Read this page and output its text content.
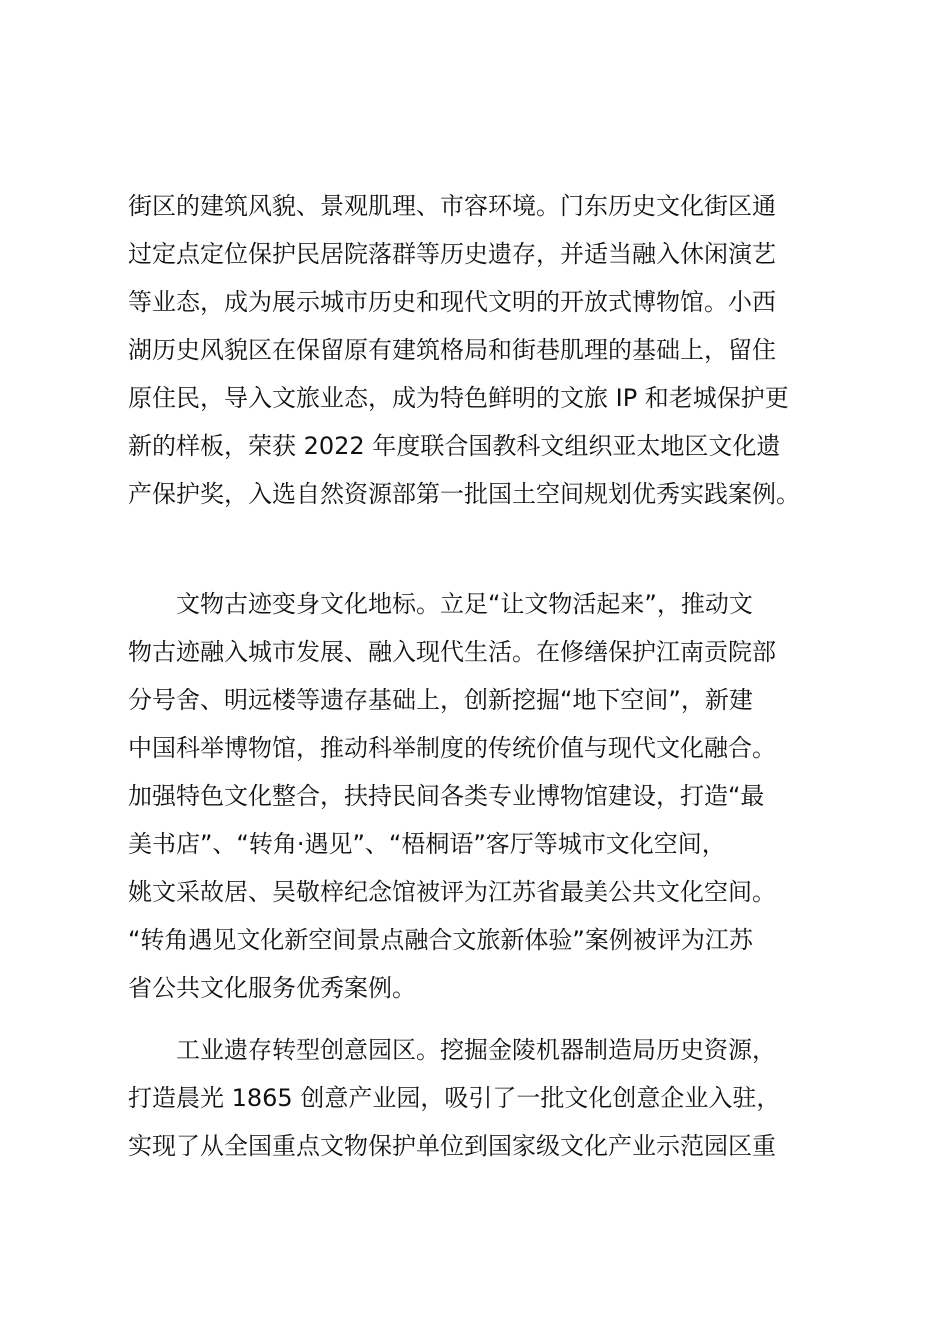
街区的建筑风貌、景观肌理、市容环境。门东历史文化街区通
过定点定位保护民居院落群等历史遗存，并适当融入休闲演艺
等业态，成为展示城市历史和现代文明的开放式博物馆。小西
湖历史风貌区在保留原有建筑格局和街巷肌理的基础上，留住
原住民，导入文旅业态，成为特色鲜明的文旅 IP 和老城保护更
新的样板，荣获 2022 年度联合国教科文组织亚太地区文化遗
产保护奖，入选自然资源部第一批国土空间规划优秀实践案例。
　　文物古迹变身文化地标。立足“让文物活起来”，推动文
物古迹融入城市发展、融入现代生活。在修缮保护江南贡院部
分号舍、明远楼等遗存基础上，创新挖掘“地下空间”，新建
中国科举博物馆，推动科举制度的传统价值与现代文化融合。
加强特色文化整合，扶持民间各类专业博物馆建设，打造“最
美书店”、“转角·遇见”、“梧桐语”客厅等城市文化空间，
姚文采故居、吴敬梓纪念馆被评为江苏省最美公共文化空间。
“转角遇见文化新空间景点融合文旅新体验”案例被评为江苏
省公共文化服务优秀案例。
　　工业遗存转型创意园区。挖掘金陵机器制造局历史资源，
打造晨光 1865 创意产业园，吸引了一批文化创意企业入驻，
实现了从全国重点文物保护单位到国家级文化产业示范园区重
